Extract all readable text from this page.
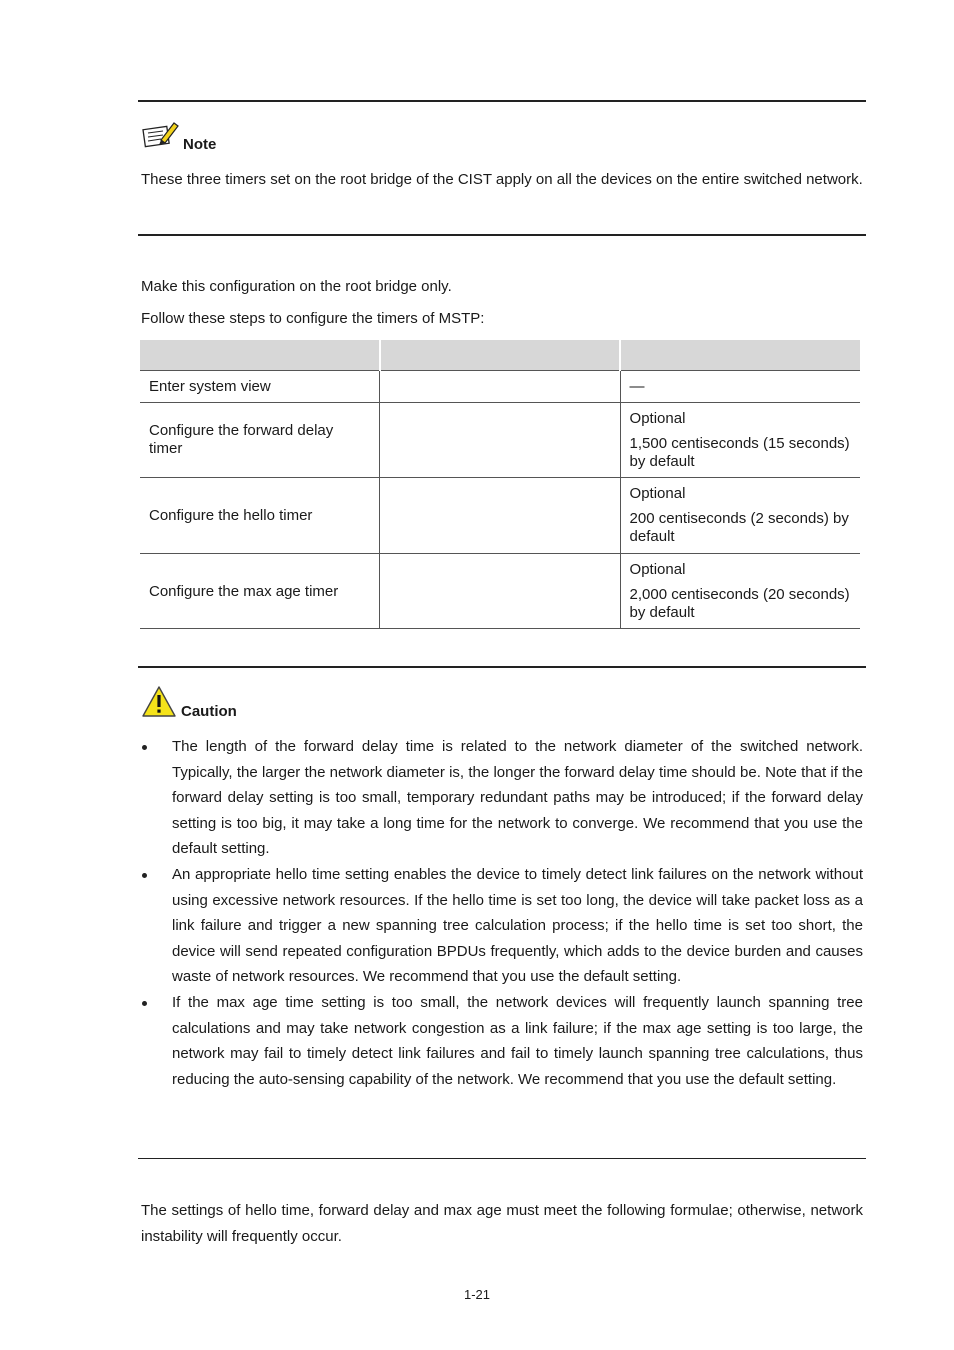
Note
These three timers set on the root bridge of the CIST apply on all the devices on the entire switched network.
Make this configuration on the root bridge only.
Follow these steps to configure the timers of MSTP:

Enter system view		—

Configure the forward delay timer		Optional
1,500 centiseconds (15 seconds) by default

Configure the hello timer		Optional
200 centiseconds (2 seconds) by default

Configure the max age timer		Optional
2,000 centiseconds (20 seconds) by default
Caution
The length of the forward delay time is related to the network diameter of the switched network. Typically, the larger the network diameter is, the longer the forward delay time should be. Note that if the forward delay setting is too small, temporary redundant paths may be introduced; if the forward delay setting is too big, it may take a long time for the network to converge. We recommend that you use the default setting.
An appropriate hello time setting enables the device to timely detect link failures on the network without using excessive network resources. If the hello time is set too long, the device will take packet loss as a link failure and trigger a new spanning tree calculation process; if the hello time is set too short, the device will send repeated configuration BPDUs frequently, which adds to the device burden and causes waste of network resources. We recommend that you use the default setting.
If the max age time setting is too small, the network devices will frequently launch spanning tree calculations and may take network congestion as a link failure; if the max age setting is too large, the network may fail to timely detect link failures and fail to timely launch spanning tree calculations, thus reducing the auto-sensing capability of the network. We recommend that you use the default setting.
The settings of hello time, forward delay and max age must meet the following formulae; otherwise, network instability will frequently occur.
1-21
